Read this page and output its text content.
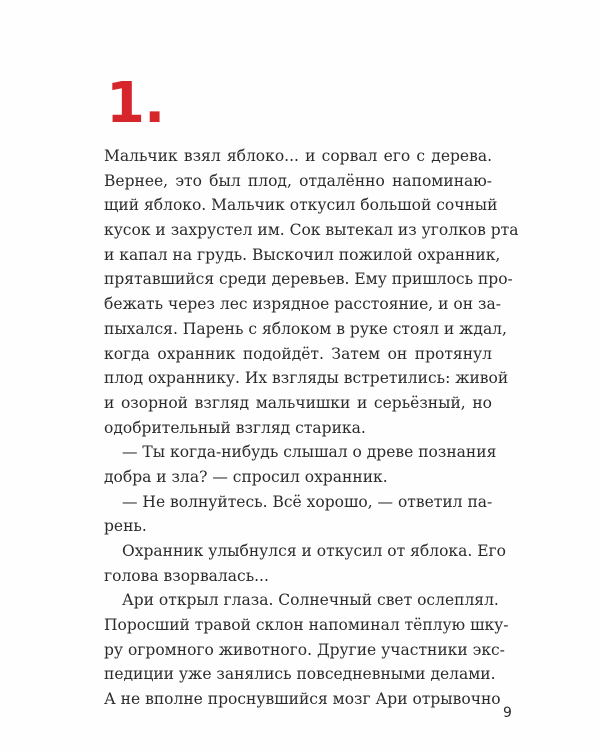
1.
Мальчик взял яблоко... и сорвал его с дерева.
Вернее, это был плод, отдалённо напоминаю-
щий яблоко. Мальчик откусил большой сочный
кусок и захрустел им. Сок вытекал из уголков рта
и капал на грудь. Выскочил пожилой охранник,
прятавшийся среди деревьев. Ему пришлось про-
бежать через лес изрядное расстояние, и он за-
пыхался. Парень с яблоком в руке стоял и ждал,
когда охранник подойдёт. Затем он протянул
плод охраннику. Их взгляды встретились: живой
и озорной взгляд мальчишки и серьёзный, но
одобрительный взгляд старика.
— Ты когда-нибудь слышал о древе познания
добра и зла? — спросил охранник.
— Не волнуйтесь. Всё хорошо, — ответил па-
рень.
Охранник улыбнулся и откусил от яблока. Его
голова взорвалась...
Ари открыл глаза. Солнечный свет ослеплял.
Поросший травой склон напоминал тёплую шку-
ру огромного животного. Другие участники экс-
педиции уже занялись повседневными делами.
А не вполне проснувшийся мозг Ари отрывочно
9
